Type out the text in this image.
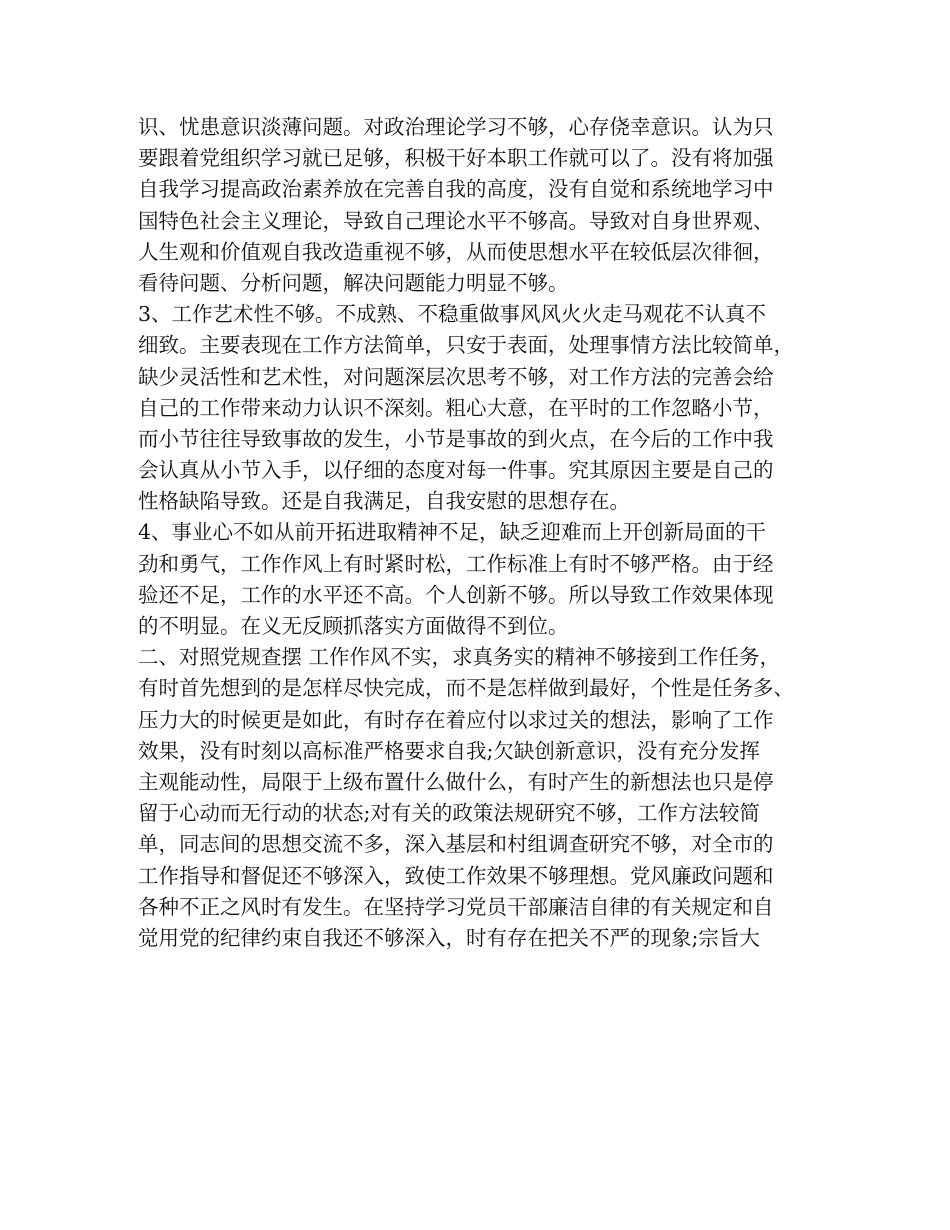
识、忧患意识淡薄问题。对政治理论学习不够，心存侥幸意识。认为只
要跟着党组织学习就已足够，积极干好本职工作就可以了。没有将加强
自我学习提高政治素养放在完善自我的高度，没有自觉和系统地学习中
国特色社会主义理论，导致自己理论水平不够高。导致对自身世界观、
人生观和价值观自我改造重视不够，从而使思想水平在较低层次徘徊，
看待问题、分析问题，解决问题能力明显不够。
3、工作艺术性不够。不成熟、不稳重做事风风火火走马观花不认真不
细致。主要表现在工作方法简单，只安于表面，处理事情方法比较简单，
缺少灵活性和艺术性，对问题深层次思考不够，对工作方法的完善会给
自己的工作带来动力认识不深刻。粗心大意，在平时的工作忽略小节，
而小节往往导致事故的发生，小节是事故的到火点，在今后的工作中我
会认真从小节入手，以仔细的态度对每一件事。究其原因主要是自己的
性格缺陷导致。还是自我满足，自我安慰的思想存在。
4、事业心不如从前开拓进取精神不足，缺乏迎难而上开创新局面的干
劲和勇气，工作作风上有时紧时松，工作标准上有时不够严格。由于经
验还不足，工作的水平还不高。个人创新不够。所以导致工作效果体现
的不明显。在义无反顾抓落实方面做得不到位。
二、对照党规查摆 工作作风不实，求真务实的精神不够接到工作任务，
有时首先想到的是怎样尽快完成，而不是怎样做到最好，个性是任务多、
压力大的时候更是如此，有时存在着应付以求过关的想法，影响了工作
效果，没有时刻以高标准严格要求自我;欠缺创新意识，没有充分发挥
主观能动性，局限于上级布置什么做什么，有时产生的新想法也只是停
留于心动而无行动的状态;对有关的政策法规研究不够，工作方法较简
单，同志间的思想交流不多，深入基层和村组调查研究不够，对全市的
工作指导和督促还不够深入，致使工作效果不够理想。党风廉政问题和
各种不正之风时有发生。在坚持学习党员干部廉洁自律的有关规定和自
觉用党的纪律约束自我还不够深入，时有存在把关不严的现象;宗旨大
